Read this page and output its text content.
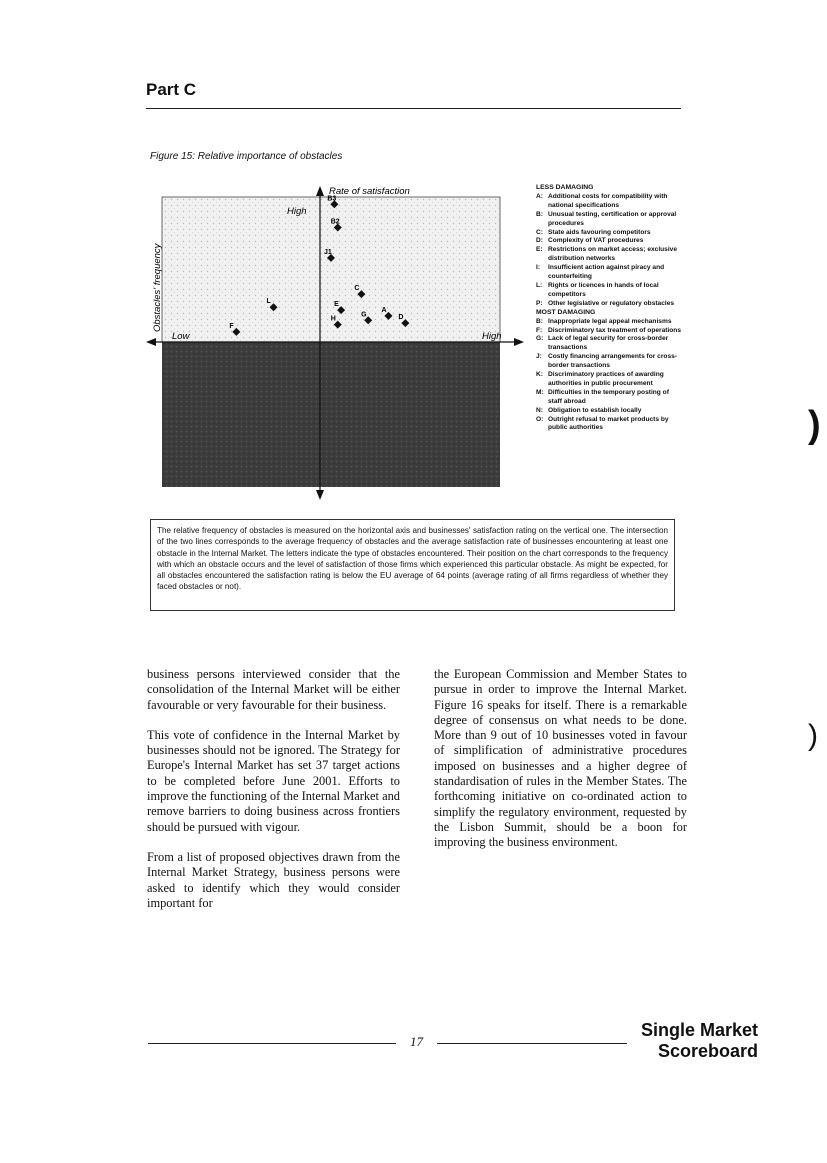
Part C
Figure 15: Relative importance of obstacles
Rate of satisfaction
High
Obstacles' frequency
Low	High
B3
B2
J1
C
L	E
A
G	D
H
F
LESS DAMAGING
A: Additional costs for compatibility with national specifications
B: Unusual testing, certification or approval procedures
C: State aids favouring competitors
D: Complexity of VAT procedures
E: Restrictions on market access; exclusive distribution networks
I:	Insufficient action against piracy and counterfeiting
L: Rights or licences in hands of local competitors
P: Other legislative or regulatory obstacles
MOST DAMAGING
B: Inappropriate legal appeal mechanisms
F: Discriminatory tax treatment of operations
G: Lack of legal security for cross-border transactions
J: Costly financing arrangements for cross-border transactions
K: Discriminatory practices of awarding authorities in public procurement
M: Difficulties in the temporary posting of staff abroad
N: Obligation to establish locally
O: Outright refusal to market products by public authorities
The relative frequency of obstacles is measured on the horizontal axis and businesses' satisfaction rating on the vertical one. The intersection of the two lines corresponds to the average frequency of obstacles and the average satisfaction rate of businesses encountering at least one obstacle in the Internal Market. The letters indicate the type of obstacles encountered. Their position on the chart corresponds to the frequency with which an obstacle occurs and the level of satisfaction of those firms which experienced this particular obstacle. As might be expected, for all obstacles encountered the satisfaction rating is below the EU average of 64 points (average rating of all firms regardless of whether they faced obstacles or not).

business persons interviewed consider that the consolidation of the Internal Market will be either favourable or very favourable for their business.

This vote of confidence in the Internal Market by businesses should not be ignored. The Strategy for Europe's Internal Market has set 37 target actions to be completed before June 2001. Efforts to improve the functioning of the Internal Market and remove barriers to doing business across frontiers should be pursued with vigour.

From a list of proposed objectives drawn from the Internal Market Strategy, business persons were asked to identify which they would consider important for

the European Commission and Member States to pursue in order to improve the Internal Market. Figure 16 speaks for itself. There is a remarkable degree of consensus on what needs to be done. More than 9 out of 10 businesses voted in favour of simplification of administrative procedures imposed on businesses and a higher degree of standardisation of rules in the Member States. The forthcoming initiative on co-ordinated action to simplify the regulatory environment, requested by the Lisbon Summit, should be a boon for improving the business environment.

17
Single Market
Scoreboard
)
)
